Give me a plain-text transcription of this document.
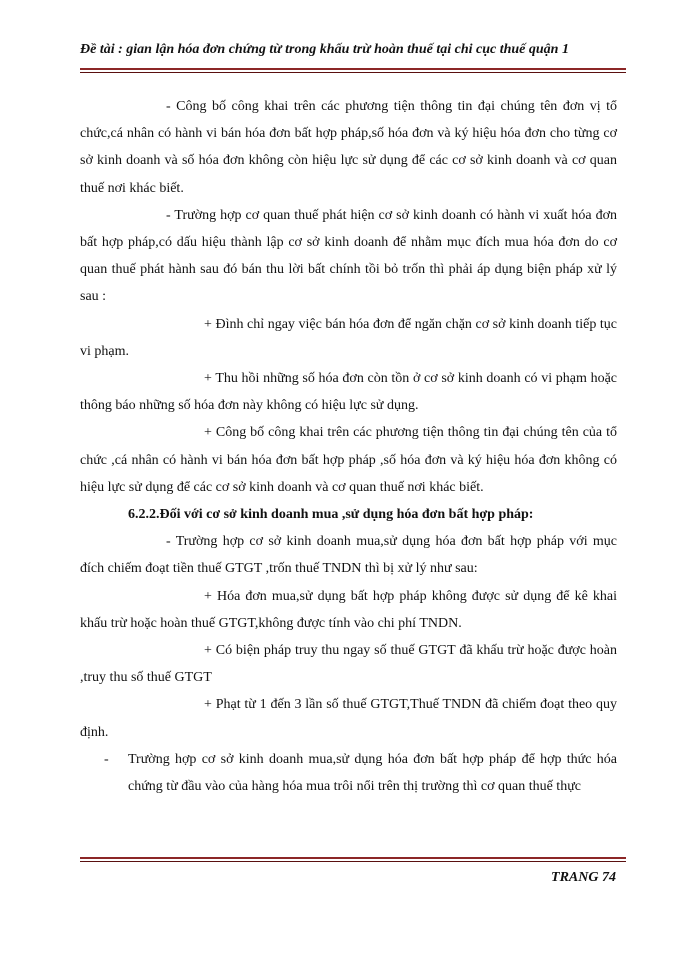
Đề tài : gian lận hóa đơn chứng từ trong khấu trừ hoàn thuế tại chi cục thuế quận 1

- Công bố công khai trên các phương tiện thông tin đại chúng tên đơn vị tổ chức,cá nhân có hành vi bán hóa đơn bất hợp pháp,số hóa đơn và ký hiệu hóa đơn cho từng cơ sở kinh doanh và số hóa đơn không còn hiệu lực sử dụng để các cơ sở kinh doanh và cơ quan thuế nơi khác biết.

- Trường hợp cơ quan thuế phát hiện cơ sở kinh doanh có hành vi xuất hóa đơn bất hợp pháp,có dấu hiệu thành lập cơ sở kinh doanh để nhằm mục đích mua hóa đơn do cơ quan thuế phát hành sau đó bán thu lời bất chính tồi bỏ trốn thì phải áp dụng biện pháp xử lý sau :

+ Đình chỉ ngay việc bán hóa đơn để ngăn chặn cơ sở kinh doanh tiếp tục vi phạm.

+ Thu hồi những số hóa đơn còn tồn ở cơ sở kinh doanh có vi phạm hoặc thông báo những số hóa đơn này không có hiệu lực sử dụng.

+ Công bố công khai trên các phương tiện thông tin đại chúng tên của tổ chức ,cá nhân có hành vi bán hóa đơn bất hợp pháp ,số hóa đơn và ký hiệu hóa đơn không có hiệu lực sử dụng để các cơ sở kinh doanh và cơ quan thuế nơi khác biết.

6.2.2.Đối với cơ sở kinh doanh mua ,sử dụng hóa đơn bất hợp pháp:

- Trường hợp cơ sở kinh doanh mua,sử dụng hóa đơn bất hợp pháp với mục đích chiếm đoạt tiền thuế GTGT ,trốn thuế TNDN thì bị xử lý như sau:

+ Hóa đơn mua,sử dụng bất hợp pháp không được sử dụng để kê khai khấu trừ hoặc hoàn thuế GTGT,không được tính vào chi phí TNDN.

+ Có biện pháp truy thu ngay số thuế GTGT đã khấu trừ hoặc được hoàn ,truy thu số thuế GTGT

+ Phạt từ 1 đến 3 lần số thuế GTGT,Thuế TNDN đã chiếm đoạt theo quy định.

- Trường hợp cơ sở kinh doanh mua,sử dụng hóa đơn bất hợp pháp để hợp thức hóa chứng từ đầu vào của hàng hóa mua trôi nổi trên thị trường thì cơ quan thuế thực

TRANG 74
